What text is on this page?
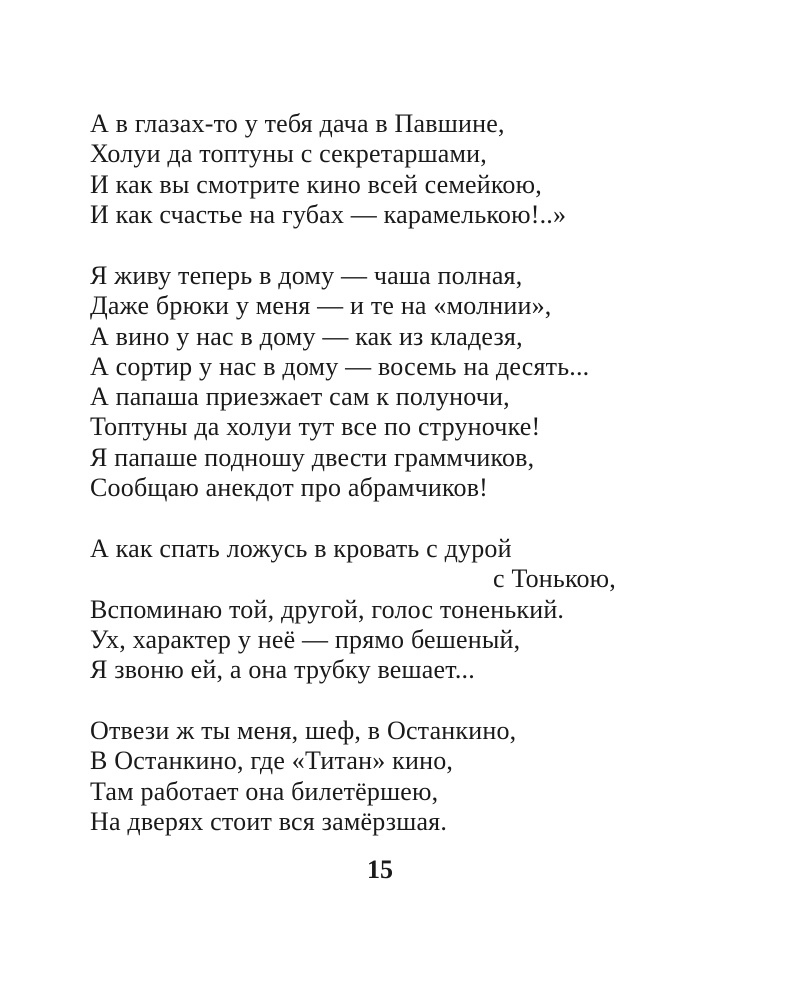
А в глазах-то у тебя дача в Павшине,
Холуи да топтуны с секретаршами,
И как вы смотрите кино всей семейкою,
И как счастье на губах — карамелькою!..»
Я живу теперь в дому — чаша полная,
Даже брюки у меня — и те на «молнии»,
А вино у нас в дому — как из кладезя,
А сортир у нас в дому — восемь на десять...
А папаша приезжает сам к полуночи,
Топтуны да холуи тут все по струночке!
Я папаше подношу двести граммчиков,
Сообщаю анекдот про абрамчиков!
А как спать ложусь в кровать с дурой
с Тонькою,
Вспоминаю той, другой, голос тоненький.
Ух, характер у неё — прямо бешеный,
Я звоню ей, а она трубку вешает...
Отвези ж ты меня, шеф, в Останкино,
В Останкино, где «Титан» кино,
Там работает она билетёршею,
На дверях стоит вся замёрзшая.
15
